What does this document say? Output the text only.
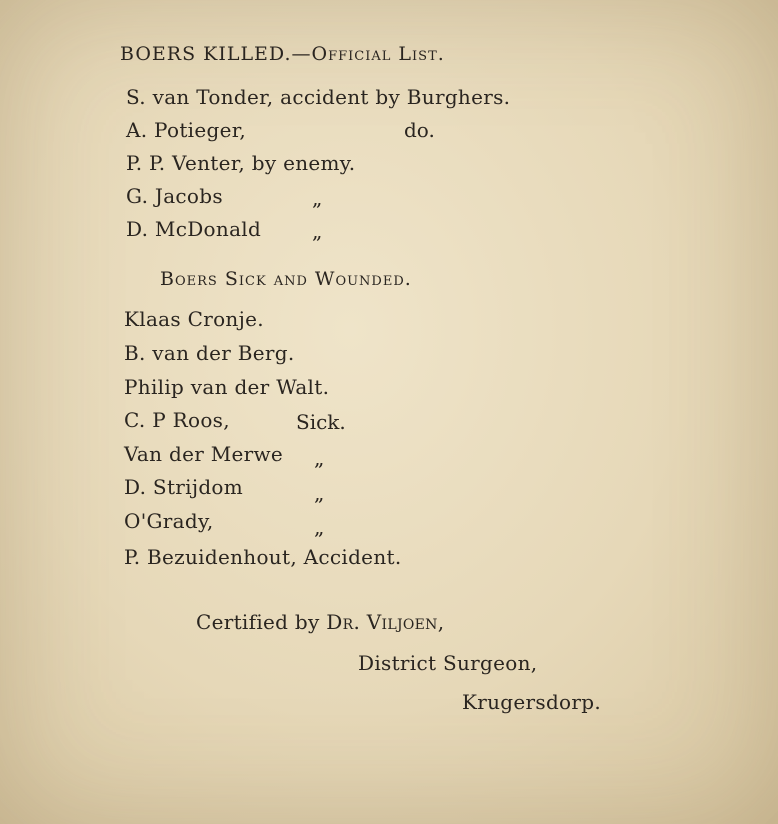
BOERS KILLED.—Official List.
S. van Tonder, accident by Burghers.
A. Potieger,	do.
P. P. Venter, by enemy.
G. Jacobs	„
D. McDonald	„
Boers Sick and Wounded.
Klaas Cronje.
B. van der Berg.
Philip van der Walt.
C. P Roos,	Sick.
Van der Merwe „
D. Strijdom	„
O'Grady,	„
P. Bezuidenhout, Accident.
Certified by Dr. Viljoen,
District Surgeon,
Krugersdorp.
